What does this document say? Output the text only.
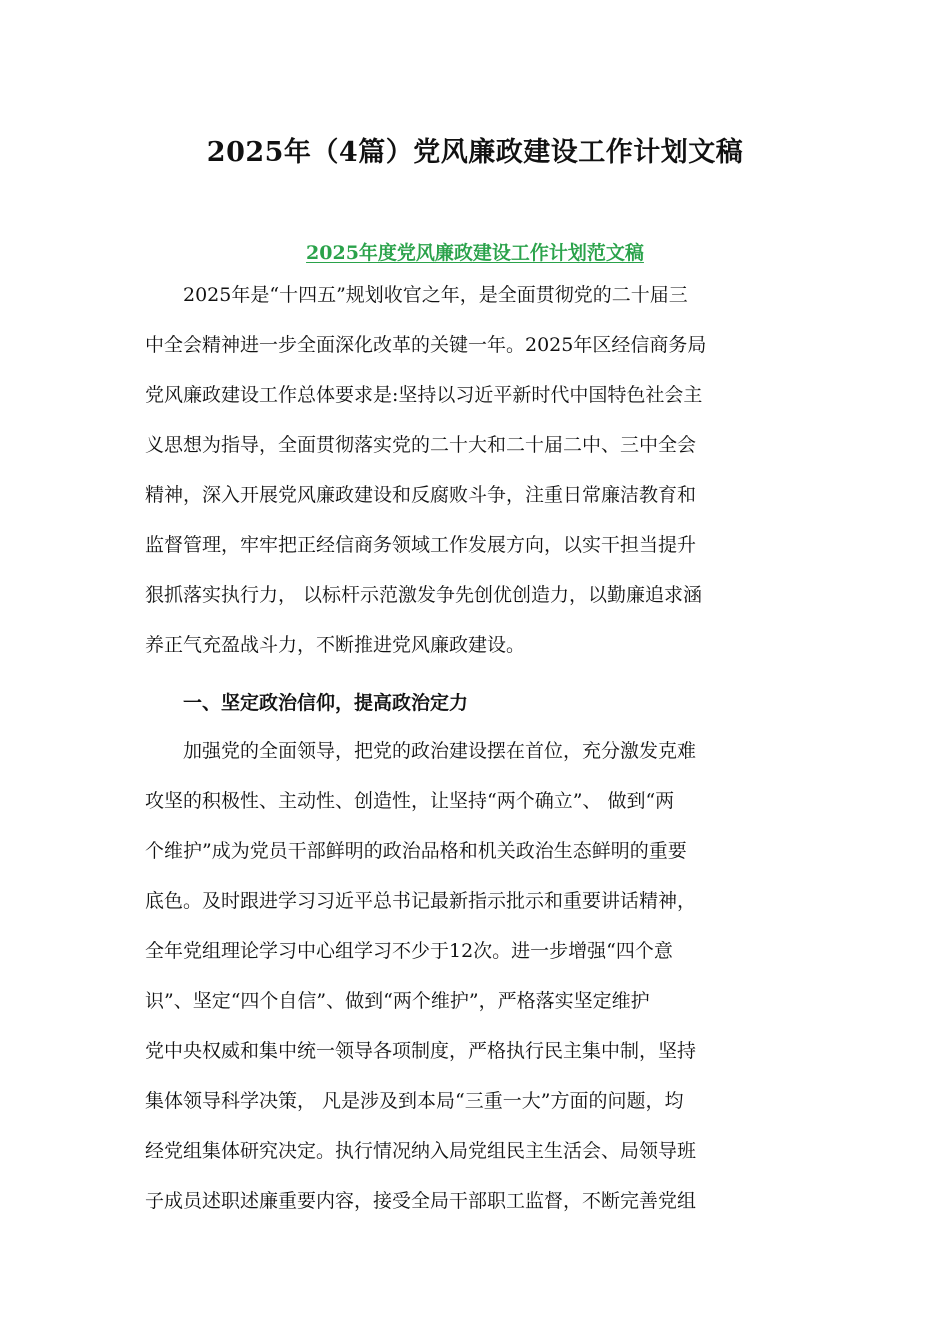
2025年（4篇）党风廉政建设工作计划文稿
2025年度党风廉政建设工作计划范文稿
2025年是“十四五”规划收官之年，是全面贯彻党的二十届三
中全会精神进一步全面深化改革的关键一年。2025年区经信商务局
党风廉政建设工作总体要求是:坚持以习近平新时代中国特色社会主
义思想为指导，全面贯彻落实党的二十大和二十届二中、三中全会
精神，深入开展党风廉政建设和反腐败斗争，注重日常廉洁教育和
监督管理，牢牢把正经信商务领域工作发展方向，以实干担当提升
狠抓落实执行力， 以标杆示范激发争先创优创造力，以勤廉追求涵
养正气充盈战斗力，不断推进党风廉政建设。
一、坚定政治信仰，提高政治定力
加强党的全面领导，把党的政治建设摆在首位，充分激发克难
攻坚的积极性、主动性、创造性，让坚持“两个确立”、 做到“两
个维护”成为党员干部鲜明的政治品格和机关政治生态鲜明的重要
底色。及时跟进学习习近平总书记最新指示批示和重要讲话精神，
全年党组理论学习中心组学习不少于12次。进一步增强“四个意
识”、坚定“四个自信”、做到“两个维护”，严格落实坚定维护
党中央权威和集中统一领导各项制度，严格执行民主集中制，坚持
集体领导科学决策， 凡是涉及到本局“三重一大”方面的问题，均
经党组集体研究决定。执行情况纳入局党组民主生活会、局领导班
子成员述职述廉重要内容，接受全局干部职工监督，不断完善党组
